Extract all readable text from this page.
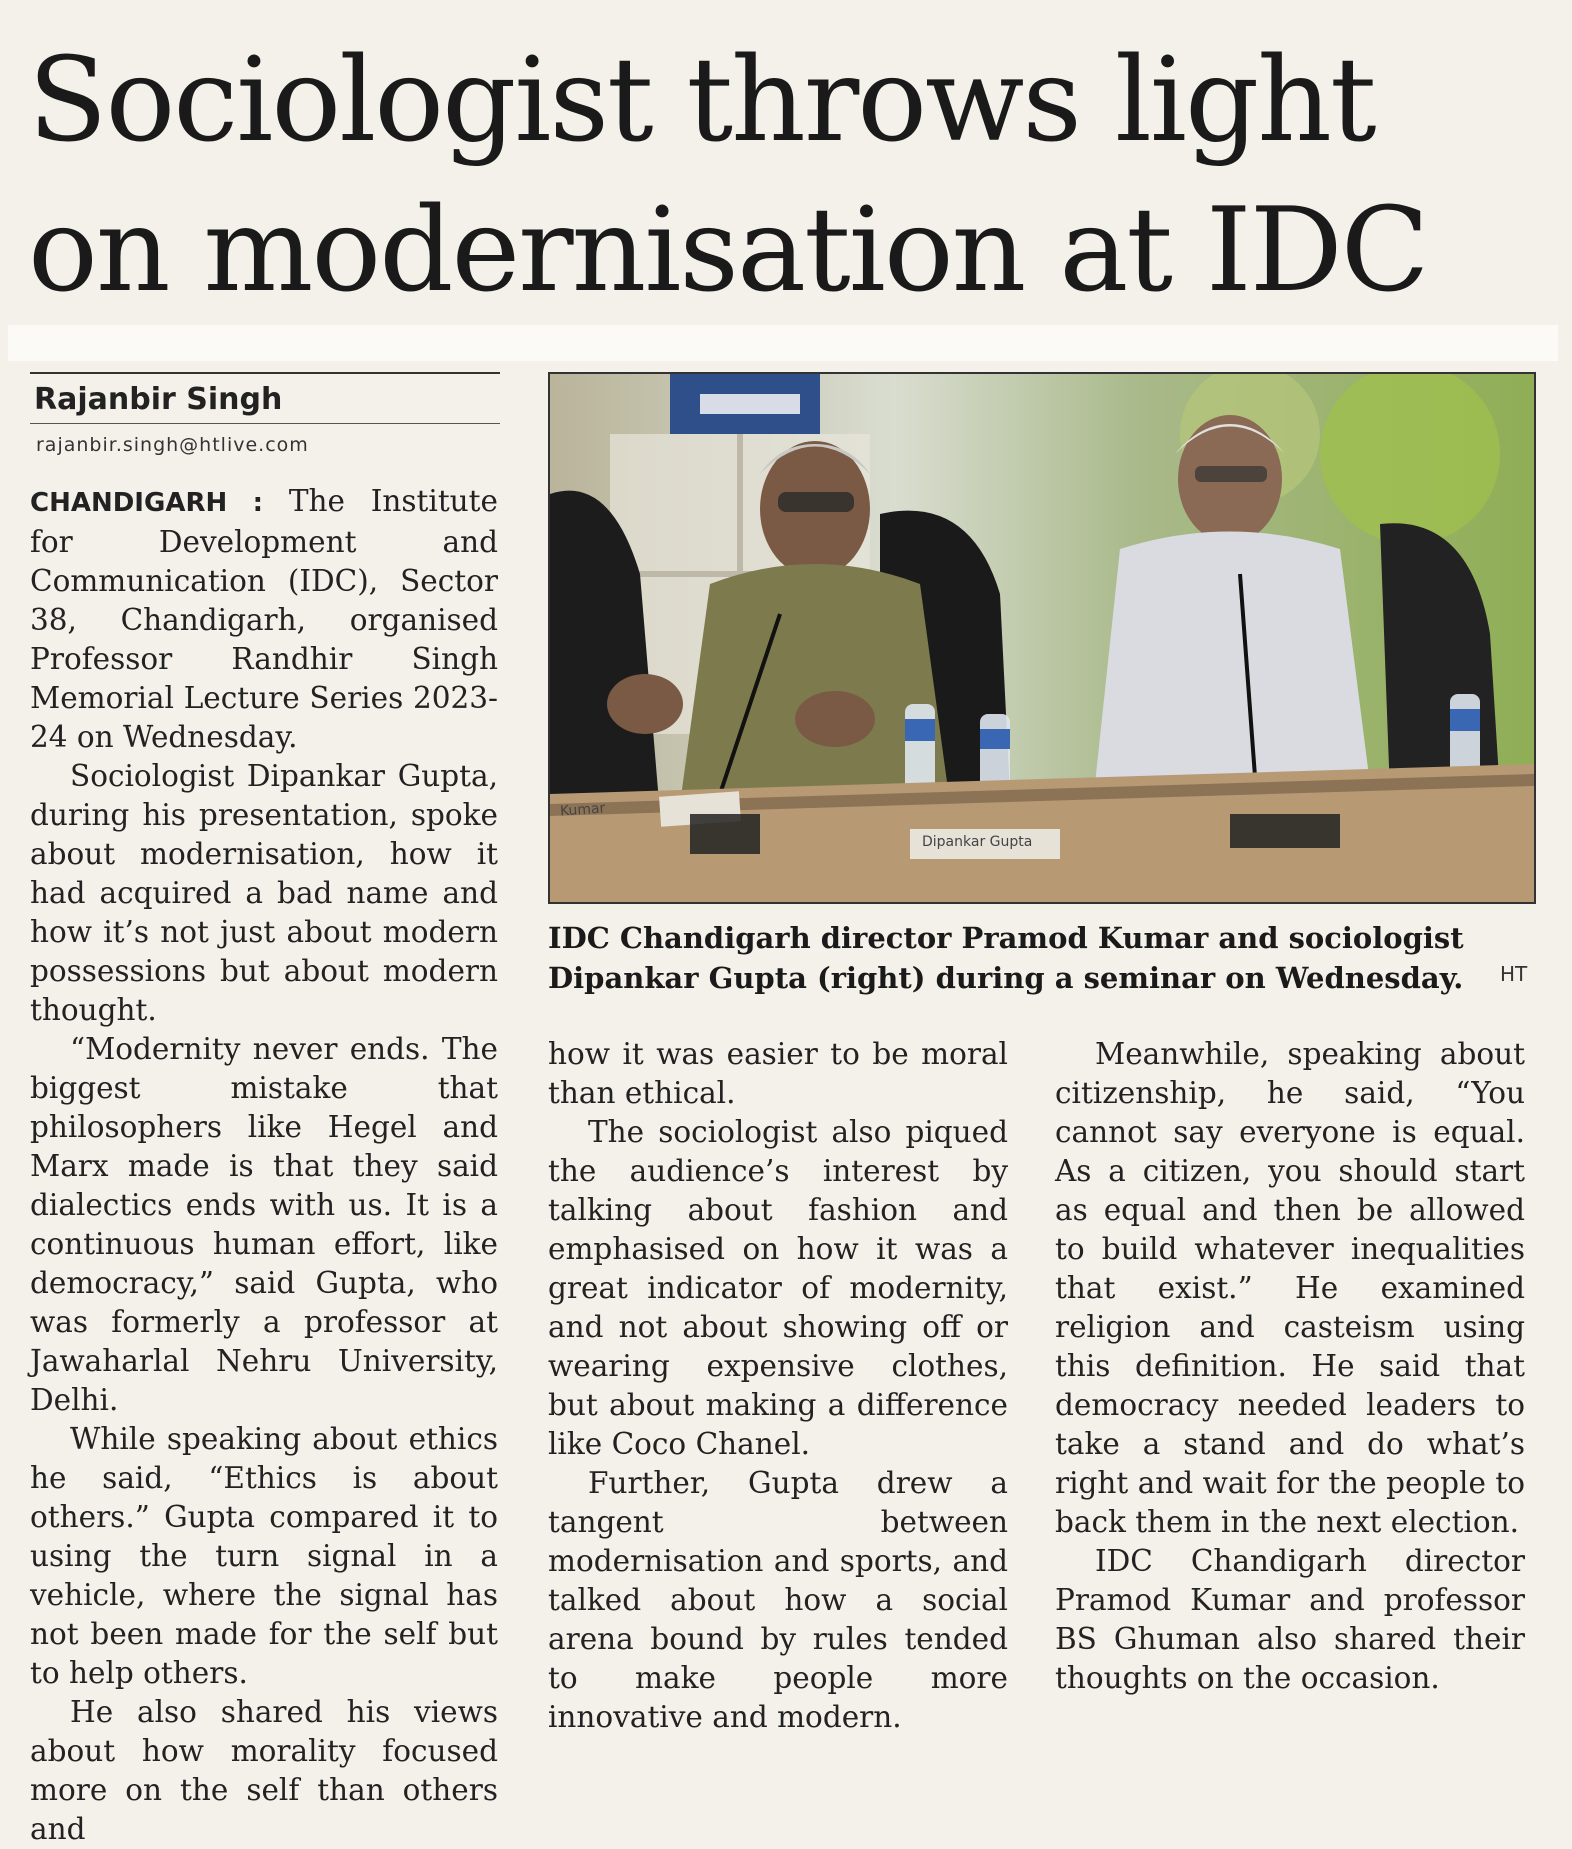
Sociologist throws light
on modernisation at IDC
Rajanbir Singh
rajanbir.singh@htlive.com

CHANDIGARH : The Institute for Development and Communication (IDC), Sector 38, Chandigarh, organised Professor Randhir Singh Memorial Lecture Series 2023-24 on Wednesday.

Sociologist Dipankar Gupta, during his presentation, spoke about modernisation, how it had acquired a bad name and how it’s not just about modern possessions but about modern thought.

“Modernity never ends. The biggest mistake that philosophers like Hegel and Marx made is that they said dialectics ends with us. It is a continuous human effort, like democracy,” said Gupta, who was formerly a professor at Jawaharlal Nehru University, Delhi.

While speaking about ethics he said, “Ethics is about others.” Gupta compared it to using the turn signal in a vehicle, where the signal has not been made for the self but to help others.

He also shared his views about how morality focused more on the self than others and

Kumar
Dipankar Gupta
IDC Chandigarh director Pramod Kumar and sociologist Dipankar Gupta (right) during a seminar on Wednesday.	HT

how it was easier to be moral than ethical.

The sociologist also piqued the audience’s interest by talking about fashion and emphasised on how it was a great indicator of modernity, and not about showing off or wearing expensive clothes, but about making a difference like Coco Chanel.

Further, Gupta drew a tangent between modernisation and sports, and talked about how a social arena bound by rules tended to make people more innovative and modern.

Meanwhile, speaking about citizenship, he said, “You cannot say everyone is equal. As a citizen, you should start as equal and then be allowed to build whatever inequalities that exist.” He examined religion and casteism using this definition. He said that democracy needed leaders to take a stand and do what’s right and wait for the people to back them in the next election.

IDC Chandigarh director Pramod Kumar and professor BS Ghuman also shared their thoughts on the occasion.
